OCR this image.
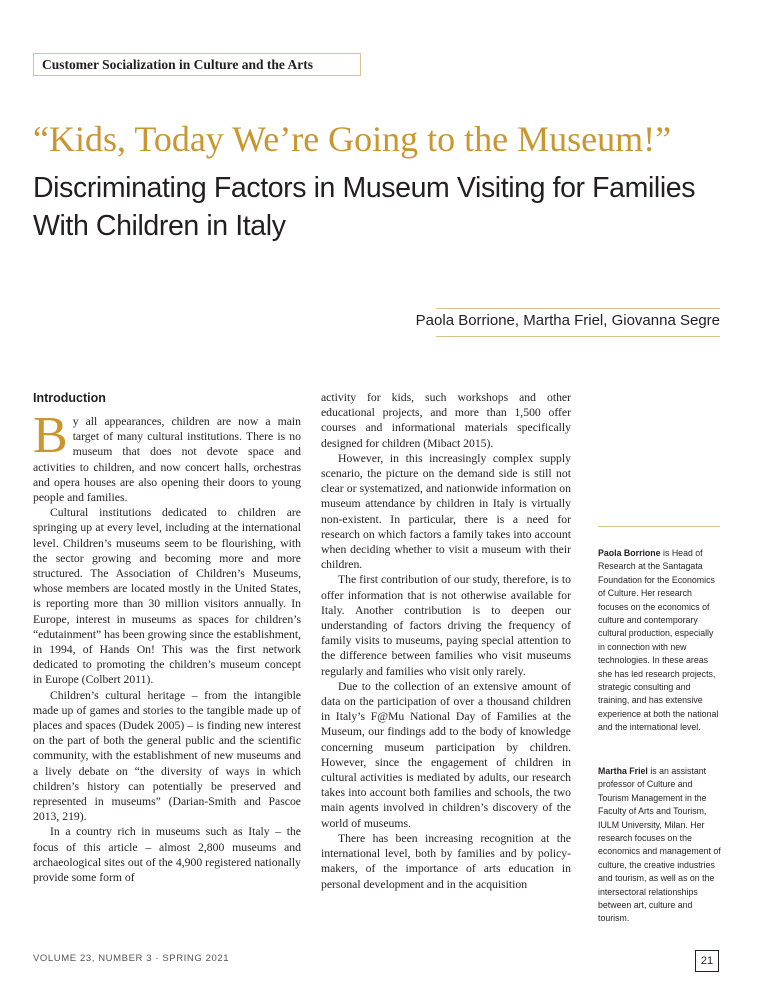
Customer Socialization in Culture and the Arts
“Kids, Today We’re Going to the Museum!”
Discriminating Factors in Museum Visiting for Families With Children in Italy
Paola Borrione, Martha Friel, Giovanna Segre
Introduction

By all appearances, children are now a main target of many cultural institutions. There is no museum that does not devote space and activities to children, and now concert halls, orchestras and opera houses are also opening their doors to young people and families.

Cultural institutions dedicated to children are springing up at every level, including at the international level. Children’s museums seem to be flourishing, with the sector growing and becoming more and more structured. The Association of Children’s Museums, whose members are located mostly in the United States, is reporting more than 30 million visitors annually. In Europe, interest in museums as spaces for children’s “edutainment” has been growing since the establishment, in 1994, of Hands On! This was the first network dedicated to promoting the children’s museum concept in Europe (Colbert 2011).

Children’s cultural heritage – from the intangible made up of games and stories to the tangible made up of places and spaces (Dudek 2005) – is finding new interest on the part of both the general public and the scientific community, with the establishment of new museums and a lively debate on “the diversity of ways in which children’s history can potentially be preserved and represented in museums” (Darian-Smith and Pascoe 2013, 219).

In a country rich in museums such as Italy – the focus of this article – almost 2,800 museums and archaeological sites out of the 4,900 registered nationally provide some form of

activity for kids, such workshops and other educational projects, and more than 1,500 offer courses and informational materials specifically designed for children (Mibact 2015).

However, in this increasingly complex supply scenario, the picture on the demand side is still not clear or systematized, and nationwide information on museum attendance by children in Italy is virtually non-existent. In particular, there is a need for research on which factors a family takes into account when deciding whether to visit a museum with their children.

The first contribution of our study, therefore, is to offer information that is not otherwise available for Italy. Another contribution is to deepen our understanding of factors driving the frequency of family visits to museums, paying special attention to the difference between families who visit museums regularly and families who visit only rarely.

Due to the collection of an extensive amount of data on the participation of over a thousand children in Italy’s F@Mu National Day of Families at the Museum, our findings add to the body of knowledge concerning museum participation by children. However, since the engagement of children in cultural activities is mediated by adults, our research takes into account both families and schools, the two main agents involved in children’s discovery of the world of museums.

There has been increasing recognition at the international level, both by families and by policy-makers, of the importance of arts education in personal development and in the acquisition

Paola Borrione is Head of Research at the Santagata Foundation for the Economics of Culture. Her research focuses on the economics of culture and contemporary cultural production, especially in connection with new technologies. In these areas she has led research projects, strategic consulting and training, and has extensive experience at both the national and the international level.
Martha Friel is an assistant professor of Culture and Tourism Management in the Faculty of Arts and Tourism, IULM University, Milan. Her research focuses on the economics and management of culture, the creative industries and tourism, as well as on the intersectoral relationships between art, culture and tourism.
VOLUME 23, NUMBER 3 · SPRING 2021	21
